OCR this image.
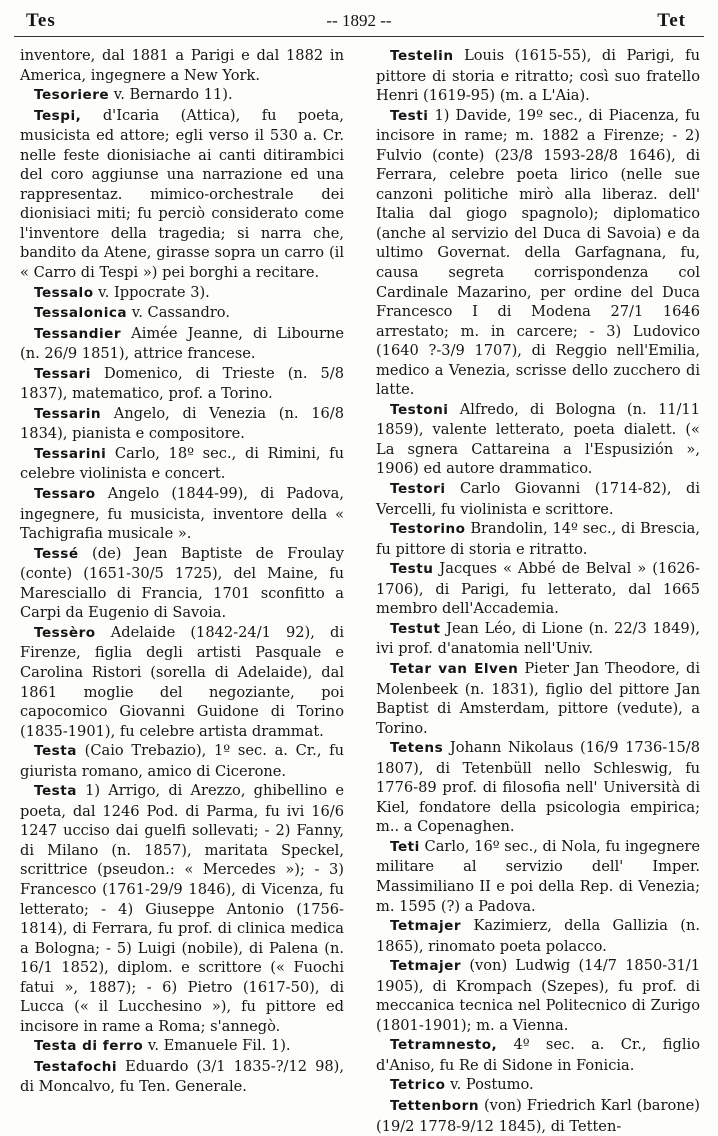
Tes	-- 1892 --	Tet

inventore, dal 1881 a Parigi e dal 1882 in America, ingegnere a New York.

Tesoriere v. Bernardo 11).

Tespi, d'Icaria (Attica), fu poeta, musicista ed attore; egli verso il 530 a. Cr. nelle feste dionisiache ai canti ditirambici del coro aggiunse una narrazione ed una rappresentaz. mimico-orchestrale dei dionisiaci miti; fu perciò considerato come l'inventore della tragedia; si narra che, bandito da Atene, girasse sopra un carro (il « Carro di Tespi ») pei borghi a recitare.

Tessalo v. Ippocrate 3).

Tessalonica v. Cassandro.

Tessandier Aimée Jeanne, di Libourne (n. 26/9 1851), attrice francese.

Tessari Domenico, di Trieste (n. 5/8 1837), matematico, prof. a Torino.

Tessarin Angelo, di Venezia (n. 16/8 1834), pianista e compositore.

Tessarini Carlo, 18º sec., di Rimini, fu celebre violinista e concert.

Tessaro Angelo (1844-99), di Padova, ingegnere, fu musicista, inventore della « Tachigrafia musicale ».

Tessé (de) Jean Baptiste de Froulay (conte) (1651-30/5 1725), del Maine, fu Maresciallo di Francia, 1701 sconfitto a Carpi da Eugenio di Savoia.

Tessèro Adelaide (1842-24/1 92), di Firenze, figlia degli artisti Pasquale e Carolina Ristori (sorella di Adelaide), dal 1861 moglie del negoziante, poi capocomico Giovanni Guidone di Torino (1835-1901), fu celebre artista drammat.

Testa (Caio Trebazio), 1º sec. a. Cr., fu giurista romano, amico di Cicerone.

Testa 1) Arrigo, di Arezzo, ghibellino e poeta, dal 1246 Pod. di Parma, fu ivi 16/6 1247 ucciso dai guelfi sollevati; - 2) Fanny, di Milano (n. 1857), maritata Speckel, scrittrice (pseudon.: « Mercedes »); - 3) Francesco (1761-29/9 1846), di Vicenza, fu letterato; - 4) Giuseppe Antonio (1756-1814), di Ferrara, fu prof. di clinica medica a Bologna; - 5) Luigi (nobile), di Palena (n. 16/1 1852), diplom. e scrittore (« Fuochi fatui », 1887); - 6) Pietro (1617-50), di Lucca (« il Lucchesino »), fu pittore ed incisore in rame a Roma; s'annegò.

Testa di ferro v. Emanuele Fil. 1).

Testafochi Eduardo (3/1 1835-?/12 98), di Moncalvo, fu Ten. Generale.

Testelin Louis (1615-55), di Parigi, fu pittore di storia e ritratto; così suo fratello Henri (1619-95) (m. a L'Aia).

Testi 1) Davide, 19º sec., di Piacenza, fu incisore in rame; m. 1882 a Firenze; - 2) Fulvio (conte) (23/8 1593-28/8 1646), di Ferrara, celebre poeta lirico (nelle sue canzoni politiche mirò alla liberaz. dell' Italia dal giogo spagnolo); diplomatico (anche al servizio del Duca di Savoia) e da ultimo Governat. della Garfagnana, fu, causa segreta corrispondenza col Cardinale Mazarino, per ordine del Duca Francesco I di Modena 27/1 1646 arrestato; m. in carcere; - 3) Ludovico (1640 ?-3/9 1707), di Reggio nell'Emilia, medico a Venezia, scrisse dello zucchero di latte.

Testoni Alfredo, di Bologna (n. 11/11 1859), valente letterato, poeta dialett. (« La sgnera Cattareina a l'Espusizión », 1906) ed autore drammatico.

Testori Carlo Giovanni (1714-82), di Vercelli, fu violinista e scrittore.

Testorino Brandolin, 14º sec., di Brescia, fu pittore di storia e ritratto.

Testu Jacques « Abbé de Belval » (1626-1706), di Parigi, fu letterato, dal 1665 membro dell'Accademia.

Testut Jean Léo, di Lione (n. 22/3 1849), ivi prof. d'anatomia nell'Univ.

Tetar van Elven Pieter Jan Theodore, di Molenbeek (n. 1831), figlio del pittore Jan Baptist di Amsterdam, pittore (vedute), a Torino.

Tetens Johann Nikolaus (16/9 1736-15/8 1807), di Tetenbüll nello Schleswig, fu 1776-89 prof. di filosofia nell' Università di Kiel, fondatore della psicologia empirica; m.. a Copenaghen.

Teti Carlo, 16º sec., di Nola, fu ingegnere militare al servizio dell' Imper. Massimiliano II e poi della Rep. di Venezia; m. 1595 (?) a Padova.

Tetmajer Kazimierz, della Gallizia (n. 1865), rinomato poeta polacco.

Tetmajer (von) Ludwig (14/7 1850-31/1 1905), di Krompach (Szepes), fu prof. di meccanica tecnica nel Politecnico di Zurigo (1801-1901); m. a Vienna.

Tetramnesto, 4º sec. a. Cr., figlio d'Aniso, fu Re di Sidone in Fonicia.

Tetrico v. Postumo.

Tettenborn (von) Friedrich Karl (barone) (19/2 1778-9/12 1845), di Tetten-
